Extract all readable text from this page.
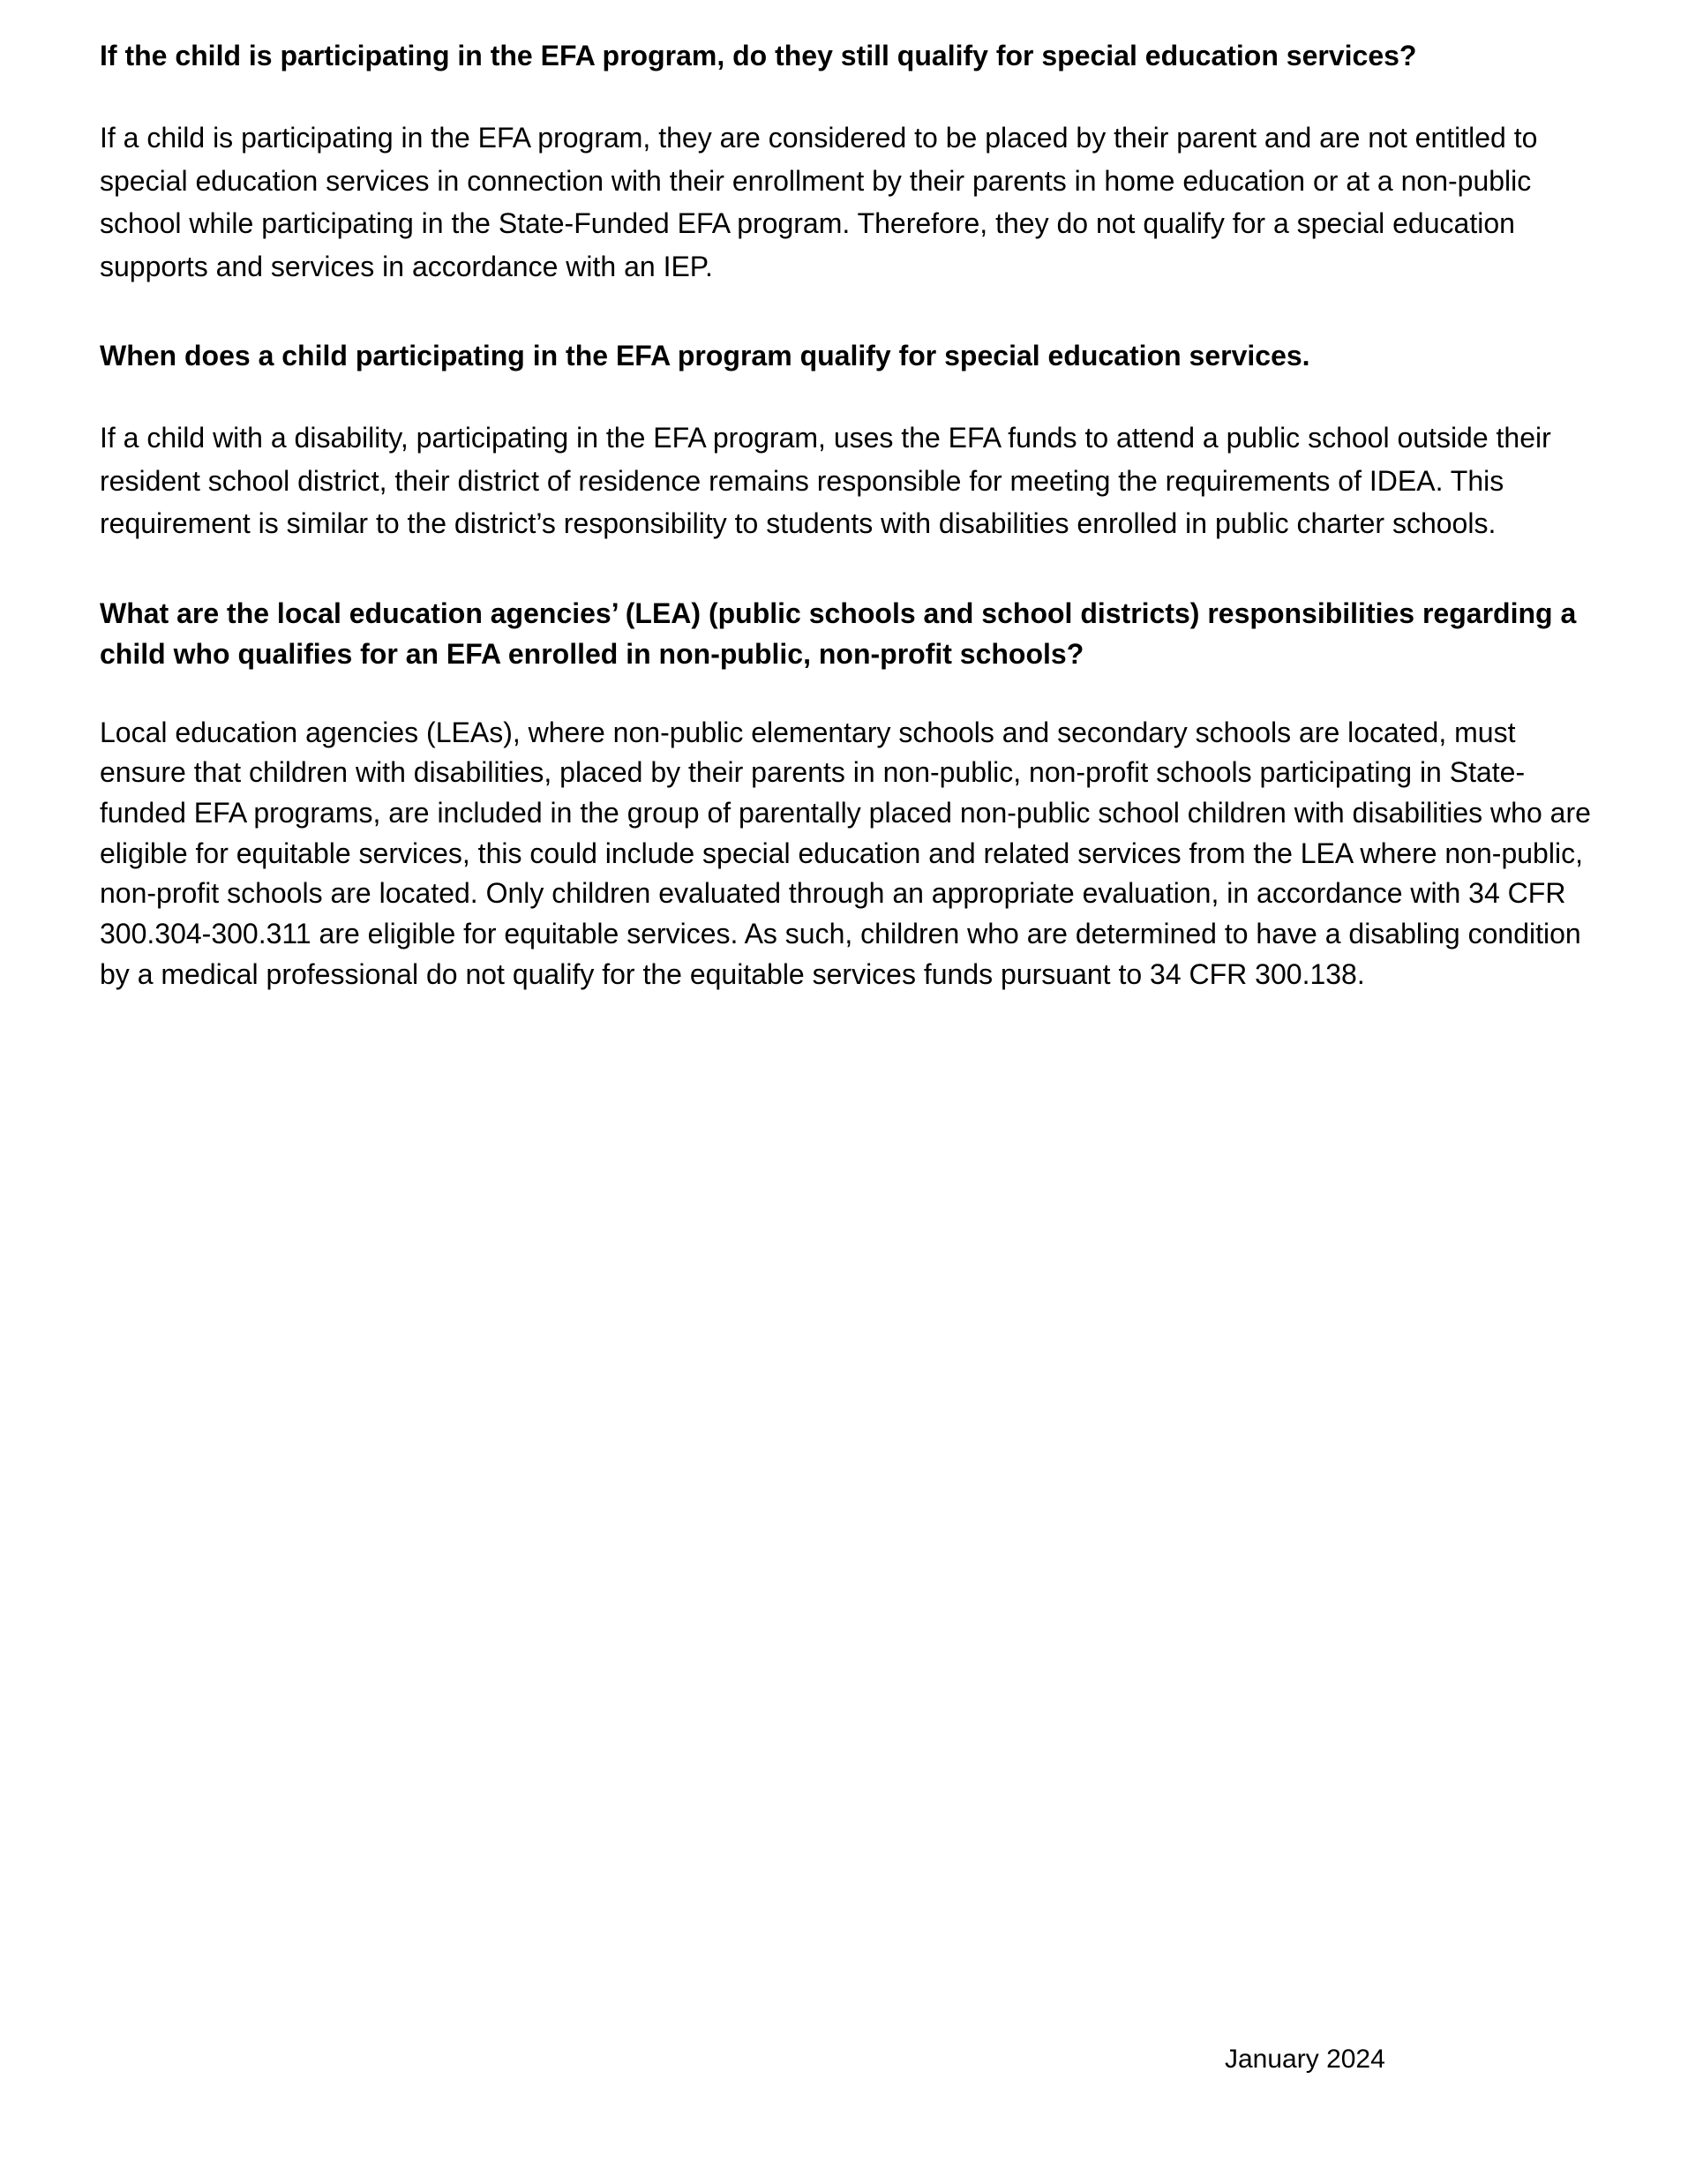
If the child is participating in the EFA program, do they still qualify for special education services?

If a child is participating in the EFA program, they are considered to be placed by their parent and are not entitled to special education services in connection with their enrollment by their parents in home education or at a non-public school while participating in the State-Funded EFA program. Therefore, they do not qualify for a special education supports and services in accordance with an IEP.

When does a child participating in the EFA program qualify for special education services.

If a child with a disability, participating in the EFA program, uses the EFA funds to attend a public school outside their resident school district, their district of residence remains responsible for meeting the requirements of IDEA. This requirement is similar to the district’s responsibility to students with disabilities enrolled in public charter schools.

What are the local education agencies’ (LEA) (public schools and school districts) responsibilities regarding a child who qualifies for an EFA enrolled in non-public, non-profit schools?

Local education agencies (LEAs), where non-public elementary schools and secondary schools are located, must ensure that children with disabilities, placed by their parents in non-public, non-profit schools participating in State-funded EFA programs, are included in the group of parentally placed non-public school children with disabilities who are eligible for equitable services, this could include special education and related services from the LEA where non-public, non-profit schools are located. Only children evaluated through an appropriate evaluation, in accordance with 34 CFR 300.304-300.311 are eligible for equitable services. As such, children who are determined to have a disabling condition by a medical professional do not qualify for the equitable services funds pursuant to 34 CFR 300.138.

January 2024
